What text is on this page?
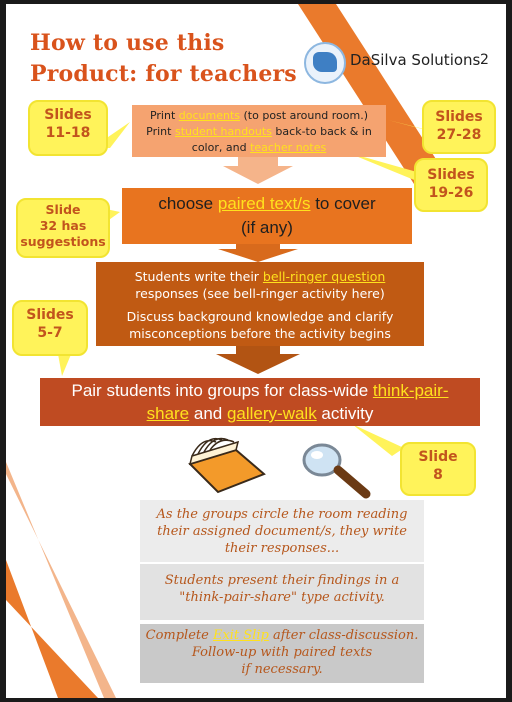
How to use this
Product: for teachers
DaSilva Solutions 2
Print documents (to post around room.)
Print student handouts back-to back & in
color, and teacher notes
choose paired text/s to cover
(if any)
Students write their bell-ringer question
responses (see bell-ringer activity here)
Discuss background knowledge and clarify
misconceptions before the activity begins
Pair students into groups for class-wide think-pair-share and gallery-walk activity
Slides
11-18
Slides
27-28
Slides
19-26
Slide
32 has
suggestions
Slides
5-7
Slide
8
As the groups circle the room reading
their assigned document/s, they write
their responses...
Students present their findings in a
"think-pair-share" type activity.
Complete Exit Slip after class-discussion.
Follow-up with paired texts
if necessary.
